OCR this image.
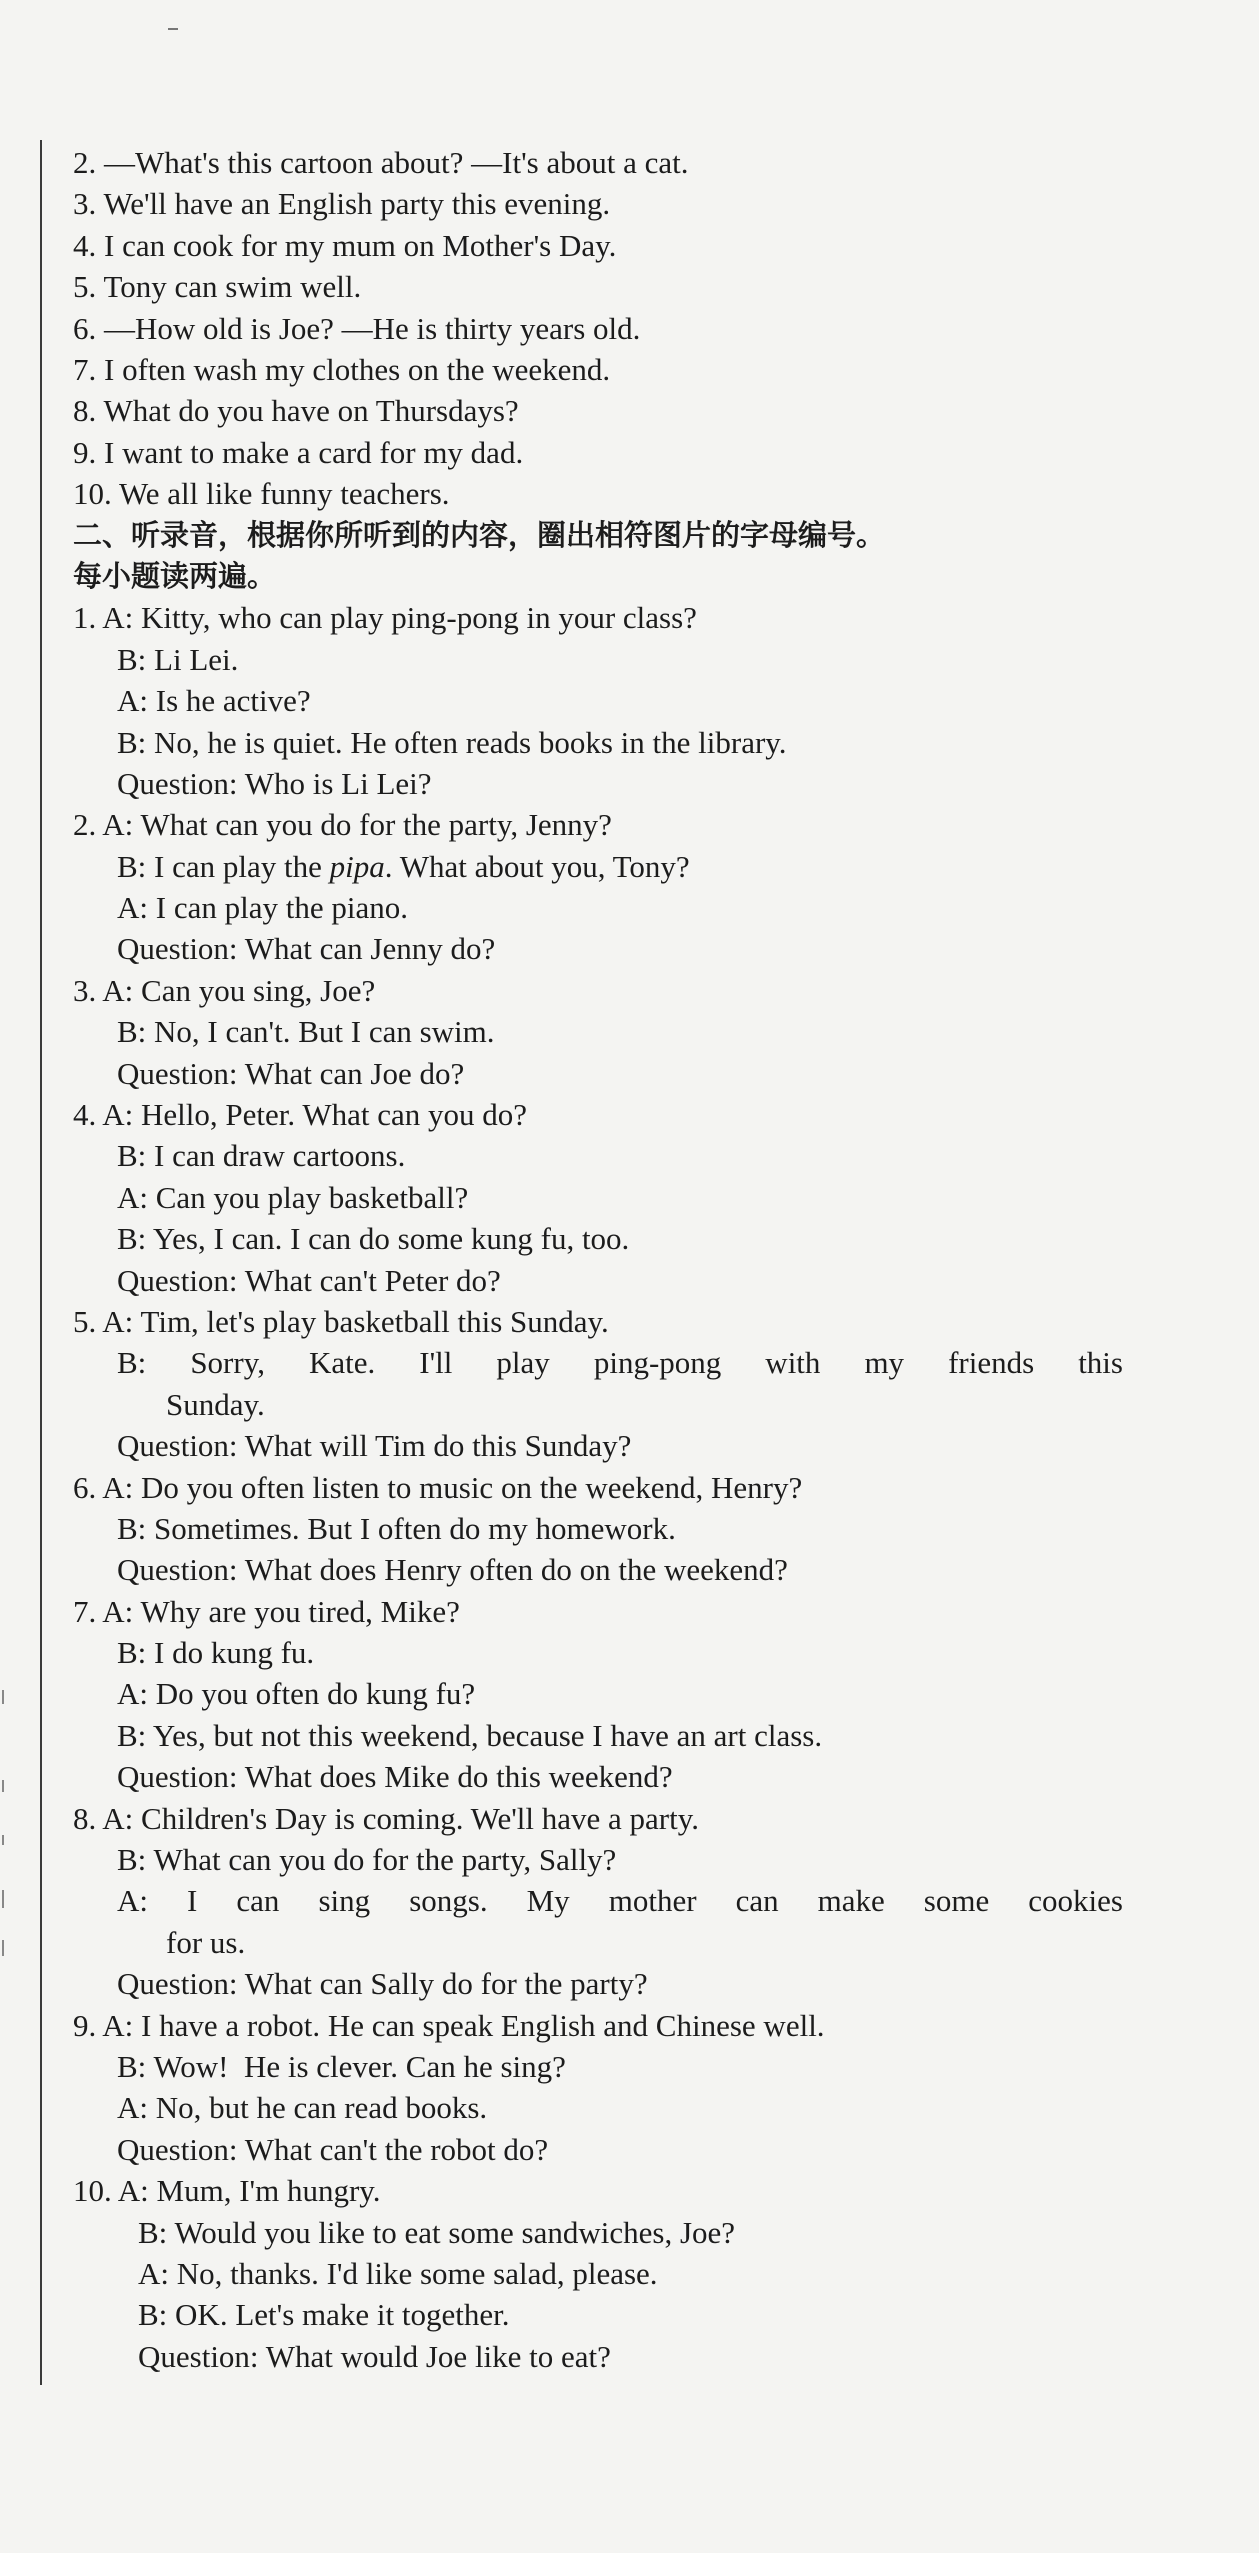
2. —What's this cartoon about? —It's about a cat.
3. We'll have an English party this evening.
4. I can cook for my mum on Mother's Day.
5. Tony can swim well.
6. —How old is Joe? —He is thirty years old.
7. I often wash my clothes on the weekend.
8. What do you have on Thursdays?
9. I want to make a card for my dad.
10. We all like funny teachers.
二、听录音，根据你所听到的内容，圈出相符图片的字母编号。
每小题读两遍。
1. A: Kitty, who can play ping-pong in your class?
B: Li Lei.
A: Is he active?
B: No, he is quiet. He often reads books in the library.
Question: Who is Li Lei?
2. A: What can you do for the party, Jenny?
B: I can play the pipa. What about you, Tony?
A: I can play the piano.
Question: What can Jenny do?
3. A: Can you sing, Joe?
B: No, I can't. But I can swim.
Question: What can Joe do?
4. A: Hello, Peter. What can you do?
B: I can draw cartoons.
A: Can you play basketball?
B: Yes, I can. I can do some kung fu, too.
Question: What can't Peter do?
5. A: Tim, let's play basketball this Sunday.
B: Sorry, Kate. I'll play ping-pong with my friends this
Sunday.
Question: What will Tim do this Sunday?
6. A: Do you often listen to music on the weekend, Henry?
B: Sometimes. But I often do my homework.
Question: What does Henry often do on the weekend?
7. A: Why are you tired, Mike?
B: I do kung fu.
A: Do you often do kung fu?
B: Yes, but not this weekend, because I have an art class.
Question: What does Mike do this weekend?
8. A: Children's Day is coming. We'll have a party.
B: What can you do for the party, Sally?
A: I can sing songs. My mother can make some cookies
for us.
Question: What can Sally do for the party?
9. A: I have a robot. He can speak English and Chinese well.
B: Wow!  He is clever. Can he sing?
A: No, but he can read books.
Question: What can't the robot do?
10. A: Mum, I'm hungry.
B: Would you like to eat some sandwiches, Joe?
A: No, thanks. I'd like some salad, please.
B: OK. Let's make it together.
Question: What would Joe like to eat?
